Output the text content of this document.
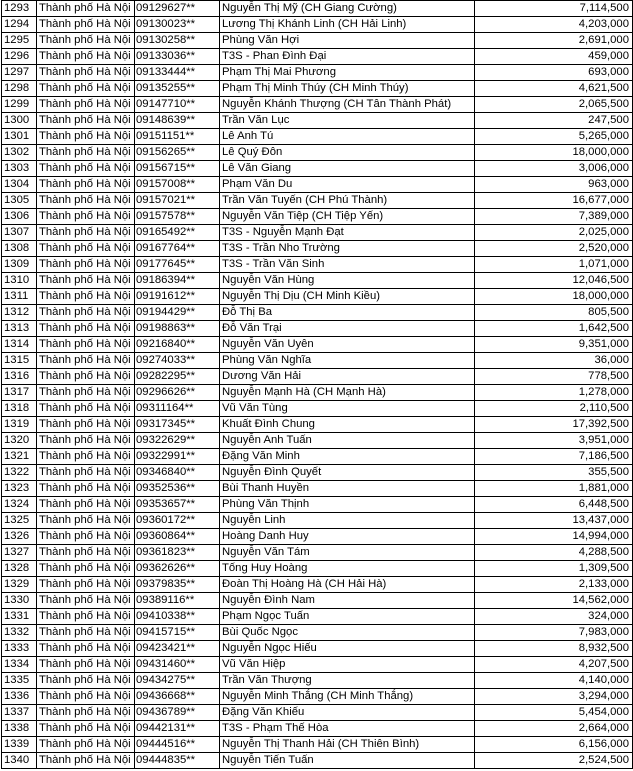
1293	Thành phố Hà Nội	09129627**	Nguyễn Thị Mỹ (CH Giang Cường)	7,114,500
1294	Thành phố Hà Nội	09130023**	Lương Thị Khánh Linh (CH Hải Linh)	4,203,000
1295	Thành phố Hà Nội	09130258**	Phùng Văn Hợi	2,691,000
1296	Thành phố Hà Nội	09133036**	T3S - Phan Đình Đại	459,000
1297	Thành phố Hà Nội	09133444**	Phạm Thị Mai Phương	693,000
1298	Thành phố Hà Nội	09135255**	Phạm Thị Minh Thúy (CH Minh Thúy)	4,621,500
1299	Thành phố Hà Nội	09147710**	Nguyễn Khánh Thượng (CH Tân Thành Phát)	2,065,500
1300	Thành phố Hà Nội	09148639**	Trần Văn Lục	247,500
1301	Thành phố Hà Nội	09151151**	Lê Anh Tú	5,265,000
1302	Thành phố Hà Nội	09156265**	Lê Quý Đôn	18,000,000
1303	Thành phố Hà Nội	09156715**	Lê Văn Giang	3,006,000
1304	Thành phố Hà Nội	09157008**	Phạm Văn Du	963,000
1305	Thành phố Hà Nội	09157021**	Trần Văn Tuyến (CH Phú Thành)	16,677,000
1306	Thành phố Hà Nội	09157578**	Nguyễn Văn Tiệp (CH Tiệp Yến)	7,389,000
1307	Thành phố Hà Nội	09165492**	T3S - Nguyễn Mạnh Đạt	2,025,000
1308	Thành phố Hà Nội	09167764**	T3S - Trần Nho Trường	2,520,000
1309	Thành phố Hà Nội	09177645**	T3S - Trần Văn Sinh	1,071,000
1310	Thành phố Hà Nội	09186394**	Nguyễn Văn Hùng	12,046,500
1311	Thành phố Hà Nội	09191612**	Nguyễn Thị Dịu (CH Minh Kiều)	18,000,000
1312	Thành phố Hà Nội	09194429**	Đỗ Thị Ba	805,500
1313	Thành phố Hà Nội	09198863**	Đỗ Văn Trại	1,642,500
1314	Thành phố Hà Nội	09216840**	Nguyễn Văn Uyên	9,351,000
1315	Thành phố Hà Nội	09274033**	Phùng Văn Nghĩa	36,000
1316	Thành phố Hà Nội	09282295**	Dương Văn Hải	778,500
1317	Thành phố Hà Nội	09296626**	Nguyễn Mạnh Hà (CH Mạnh Hà)	1,278,000
1318	Thành phố Hà Nội	09311164**	Vũ Văn Tùng	2,110,500
1319	Thành phố Hà Nội	09317345**	Khuất Đình Chung	17,392,500
1320	Thành phố Hà Nội	09322629**	Nguyễn Anh Tuấn	3,951,000
1321	Thành phố Hà Nội	09322991**	Đặng Văn Minh	7,186,500
1322	Thành phố Hà Nội	09346840**	Nguyễn Đình Quyết	355,500
1323	Thành phố Hà Nội	09352536**	Bùi Thanh Huyền	1,881,000
1324	Thành phố Hà Nội	09353657**	Phùng Văn Thịnh	6,448,500
1325	Thành phố Hà Nội	09360172**	Nguyễn Linh	13,437,000
1326	Thành phố Hà Nội	09360864**	Hoàng Danh Huy	14,994,000
1327	Thành phố Hà Nội	09361823**	Nguyễn Văn Tám	4,288,500
1328	Thành phố Hà Nội	09362626**	Tống Huy Hoàng	1,309,500
1329	Thành phố Hà Nội	09379835**	Đoàn Thị Hoàng Hà (CH Hải Hà)	2,133,000
1330	Thành phố Hà Nội	09389116**	Nguyễn Đình Nam	14,562,000
1331	Thành phố Hà Nội	09410338**	Phạm Ngọc Tuấn	324,000
1332	Thành phố Hà Nội	09415715**	Bùi Quốc Ngọc	7,983,000
1333	Thành phố Hà Nội	09423421**	Nguyễn Ngọc Hiếu	8,932,500
1334	Thành phố Hà Nội	09431460**	Vũ Văn Hiệp	4,207,500
1335	Thành phố Hà Nội	09434275**	Trần Văn Thượng	4,140,000
1336	Thành phố Hà Nội	09436668**	Nguyễn Minh Thắng (CH Minh Thắng)	3,294,000
1337	Thành phố Hà Nội	09436789**	Đặng Văn Khiếu	5,454,000
1338	Thành phố Hà Nội	09442131**	T3S - Phạm Thế Hòa	2,664,000
1339	Thành phố Hà Nội	09444516**	Nguyễn Thị Thanh Hải (CH Thiên Bình)	6,156,000
1340	Thành phố Hà Nội	09444835**	Nguyễn Tiến Tuấn	2,524,500
